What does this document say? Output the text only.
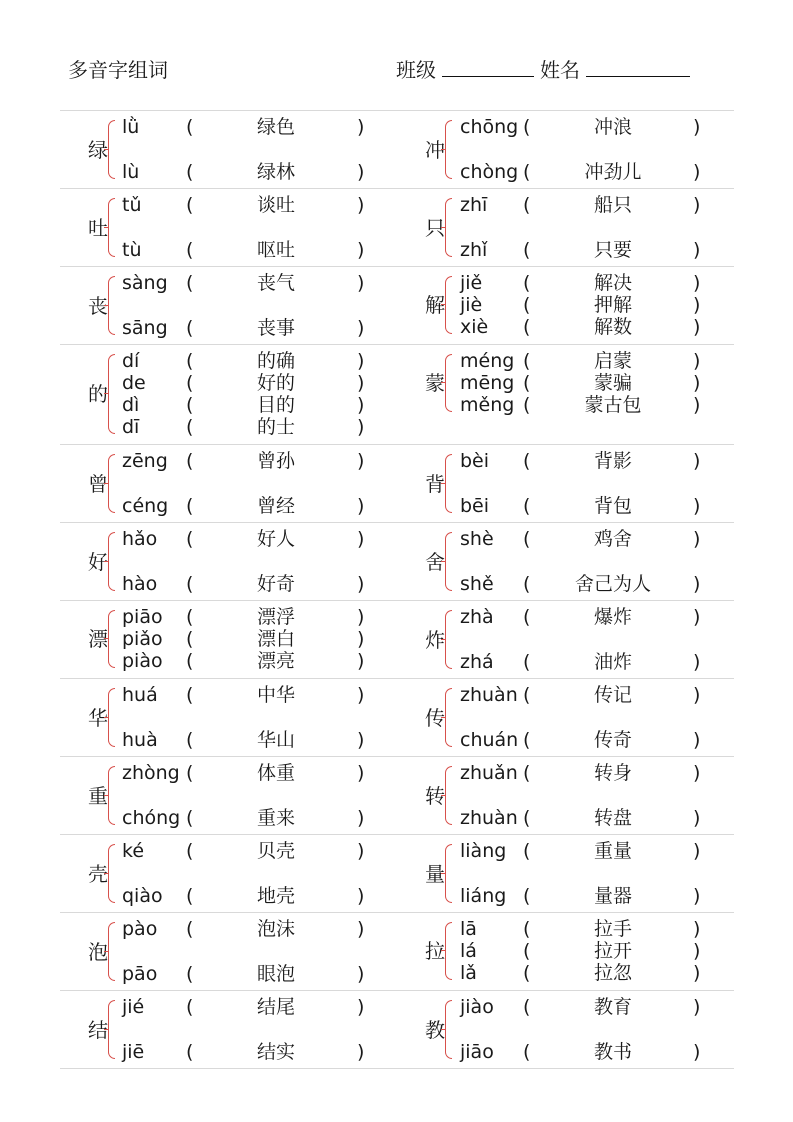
多音字组词	班级	姓名
绿
lǜ (	绿色	)
lù (	绿林	)
冲
chōng (	冲浪	)
chòng (	冲劲儿	)
吐
tǔ (	谈吐	)
tù (	呕吐	)
只
zhī (	船只	)
zhǐ (	只要	)
丧
sàng (	丧气	)
sāng (	丧事	)
解
jiě (	解决	)
jiè (	押解	)
xiè (	解数	)
的
dí (	的确	)
de (	好的	)
dì (	目的	)
dī (	的士	)
蒙
méng (	启蒙	)
mēng (	蒙骗	)
měng (	蒙古包	)
曾
zēng (	曾孙	)
céng (	曾经	)
背
bèi (	背影	)
bēi (	背包	)
好
hǎo (	好人	)
hào (	好奇	)
舍
shè (	鸡舍	)
shě (	舍己为人	)
漂
piāo (	漂浮	)
piǎo (	漂白	)
piào (	漂亮	)
炸
zhà (	爆炸	)
zhá (	油炸	)
华
huá (	中华	)
huà (	华山	)
传
zhuàn (	传记	)
chuán (	传奇	)
重
zhòng (	体重	)
chóng (	重来	)
转
zhuǎn (	转身	)
zhuàn (	转盘	)
壳
ké (	贝壳	)
qiào (	地壳	)
量
liàng (	重量	)
liáng (	量器	)
泡
pào (	泡沫	)
pāo (	眼泡	)
拉
lā (	拉手	)
lá (	拉开	)
lǎ (	拉忽	)
结
jié (	结尾	)
jiē (	结实	)
教
jiào (	教育	)
jiāo (	教书	)
